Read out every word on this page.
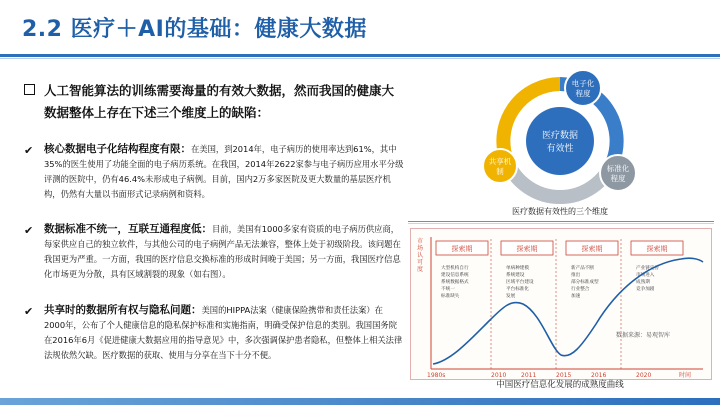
2.2 医疗＋AI的基础：健康大数据

人工智能算法的训练需要海量的有效大数据，然而我国的健康大数据整体上存在下述三个维度上的缺陷：

✔ 核心数据电子化结构程度有限：在美国，到2014年，电子病历的使用率达到61%，其中35%的医生使用了功能全面的电子病历系统。在我国，2014年2622家参与电子病历应用水平分级评测的医院中，仍有46.4%未形成电子病例。目前，国内2万多家医院及更大数量的基层医疗机构，仍然有大量以书面形式记录病例和资料。
✔ 数据标准不统一，互联互通程度低：目前，美国有1000多家有资质的电子病历供应商，每家供应自己的独立软件，与其他公司的电子病例产品无法兼容，整体上处于初级阶段。该问题在我国更为严重。一方面，我国的医疗信息交换标准的形成时间晚于美国；另一方面，我国医疗信息化市场更为分散，具有区域割裂的现象（如右图）。
✔ 共享时的数据所有权与隐私问题：美国的HIPPA法案（健康保险携带和责任法案）在2000年，公布了个人健康信息的隐私保护标准和实施指南，明确受保护信息的类别。我国国务院在2016年6月《促进健康大数据应用的指导意见》中，多次强调保护患者隐私，但整体上相关法律法规依然欠缺。医疗数据的获取、使用与分享在当下十分不便。
医疗数据
有效性
电子化
程度
标准化
程度
共享机
制
医疗数据有效性的三个维度
市
场
认
可
度
时间
1980s	2010 2011	2015	2016	2020
探索期	探索期	探索期	探索期
大型机构自行
建设信息系统
系统数据格式
不统一
标准缺失
单病种建模
系统建设
区域平台建设
平台标准化
发展
新产品不断
推出
部分标准成型
行业整合
加速
产业链完善
市场进入
成熟期
竞争加剧
数据来源：易观智库
中国医疗信息化发展的成熟度曲线
